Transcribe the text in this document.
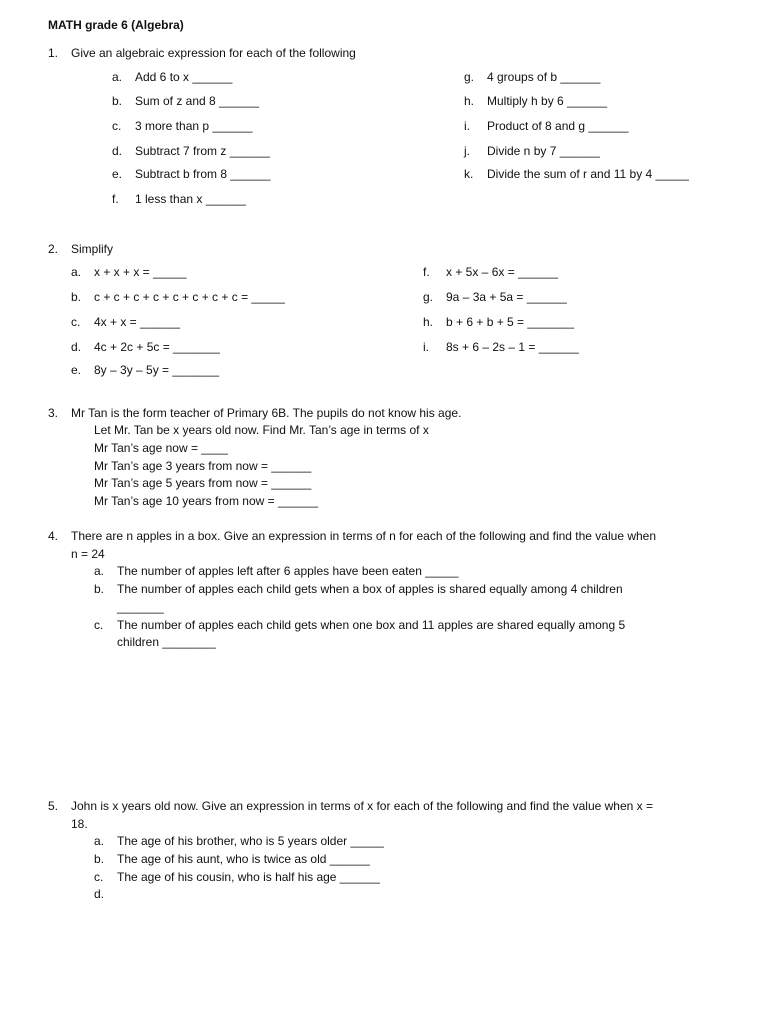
MATH grade 6 (Algebra)
1. Give an algebraic expression for each of the following
a. Add 6 to x ______
b. Sum of z and 8 ______
c. 3 more than p ______
d. Subtract 7 from z ______
e. Subtract b from 8 ______
f. 1 less than x ______
g. 4 groups of b ______
h. Multiply h by 6 ______
i. Product of 8 and g ______
j. Divide n by 7 ______
k. Divide the sum of r and 11 by 4 _____
2. Simplify
a. x + x + x = _____
b. c + c + c + c + c + c + c + c = _____
c. 4x + x = ______
d. 4c + 2c + 5c = _______
e. 8y – 3y – 5y = _______
f. x + 5x – 6x = ______
g. 9a – 3a + 5a = ______
h. b + 6 + b + 5 = _______
i. 8s + 6 – 2s – 1 = ______
3. Mr Tan is the form teacher of Primary 6B. The pupils do not know his age.
Let Mr. Tan be x years old now. Find Mr. Tan’s age in terms of x
Mr Tan’s age now = ____
Mr Tan’s age 3 years from now = ______
Mr Tan’s age 5 years from now = ______
Mr Tan’s age 10 years from now = ______
4. There are n apples in a box. Give an expression in terms of n for each of the following and find the value when
n = 24
a. The number of apples left after 6 apples have been eaten _____
b. The number of apples each child gets when a box of apples is shared equally among 4 children
_______
c. The number of apples each child gets when one box and 11 apples are shared equally among 5
children ________
5. John is x years old now. Give an expression in terms of x for each of the following and find the value when x =
18.
a. The age of his brother, who is 5 years older _____
b. The age of his aunt, who is twice as old ______
c. The age of his cousin, who is half his age ______
d.
